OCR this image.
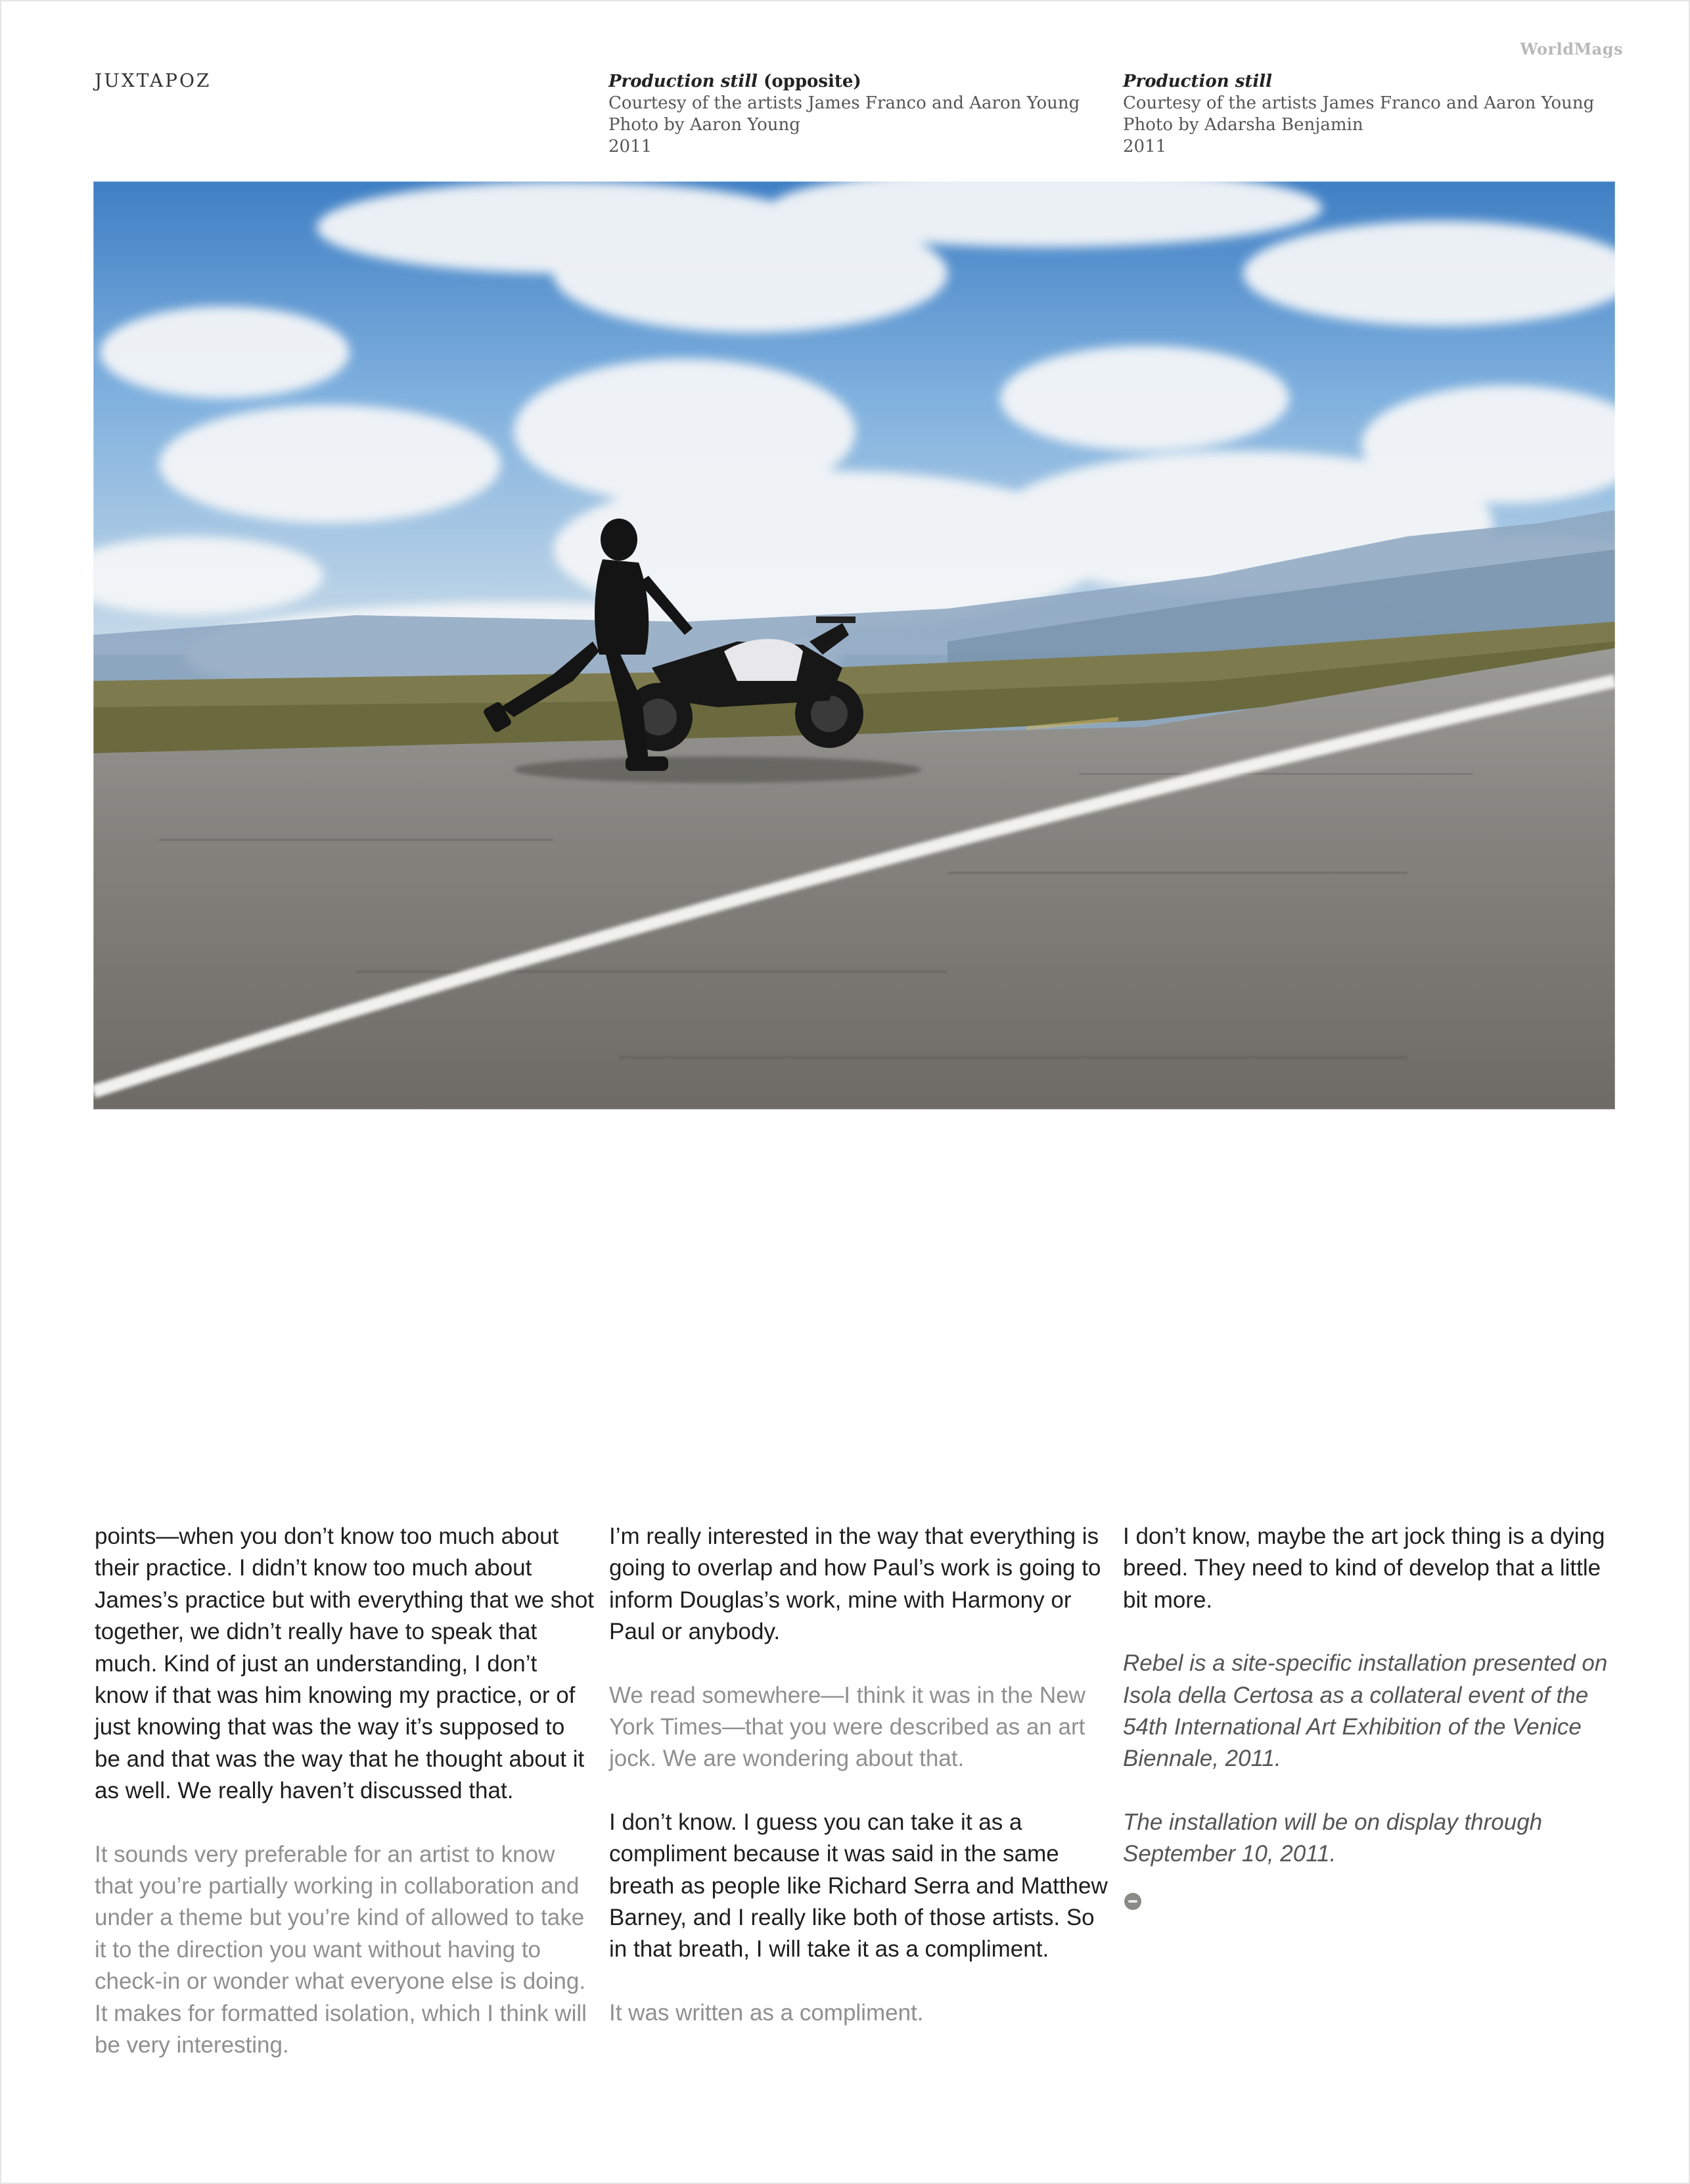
WorldMags
JUXTAPOZ	Production still (opposite)
Courtesy of the artists James Franco and Aaron Young
Photo by Aaron Young
2011
Production still
Courtesy of the artists James Franco and Aaron Young
Photo by Adarsha Benjamin
2011

points—when you don’t know too much about their practice. I didn’t know too much about James’s practice but with everything that we shot together, we didn’t really have to speak that much. Kind of just an understanding, I don’t know if that was him knowing my practice, or of just knowing that was the way it’s supposed to be and that was the way that he thought about it as well. We really haven’t discussed that.

It sounds very preferable for an artist to know that you’re partially working in collaboration and under a theme but you’re kind of allowed to take it to the direction you want without having to check-in or wonder what everyone else is doing. It makes for formatted isolation, which I think will be very interesting.

I’m really interested in the way that everything is going to overlap and how Paul’s work is going to inform Douglas’s work, mine with Harmony or Paul or anybody.

We read somewhere—I think it was in the New York Times—that you were described as an art jock. We are wondering about that.

I don’t know. I guess you can take it as a compliment because it was said in the same breath as people like Richard Serra and Matthew Barney, and I really like both of those artists. So in that breath, I will take it as a compliment.

It was written as a compliment.

I don’t know, maybe the art jock thing is a dying breed. They need to kind of develop that a little bit more.

Rebel is a site-specific installation presented on Isola della Certosa as a collateral event of the 54th International Art Exhibition of the Venice Biennale, 2011.

The installation will be on display through September 10, 2011.
